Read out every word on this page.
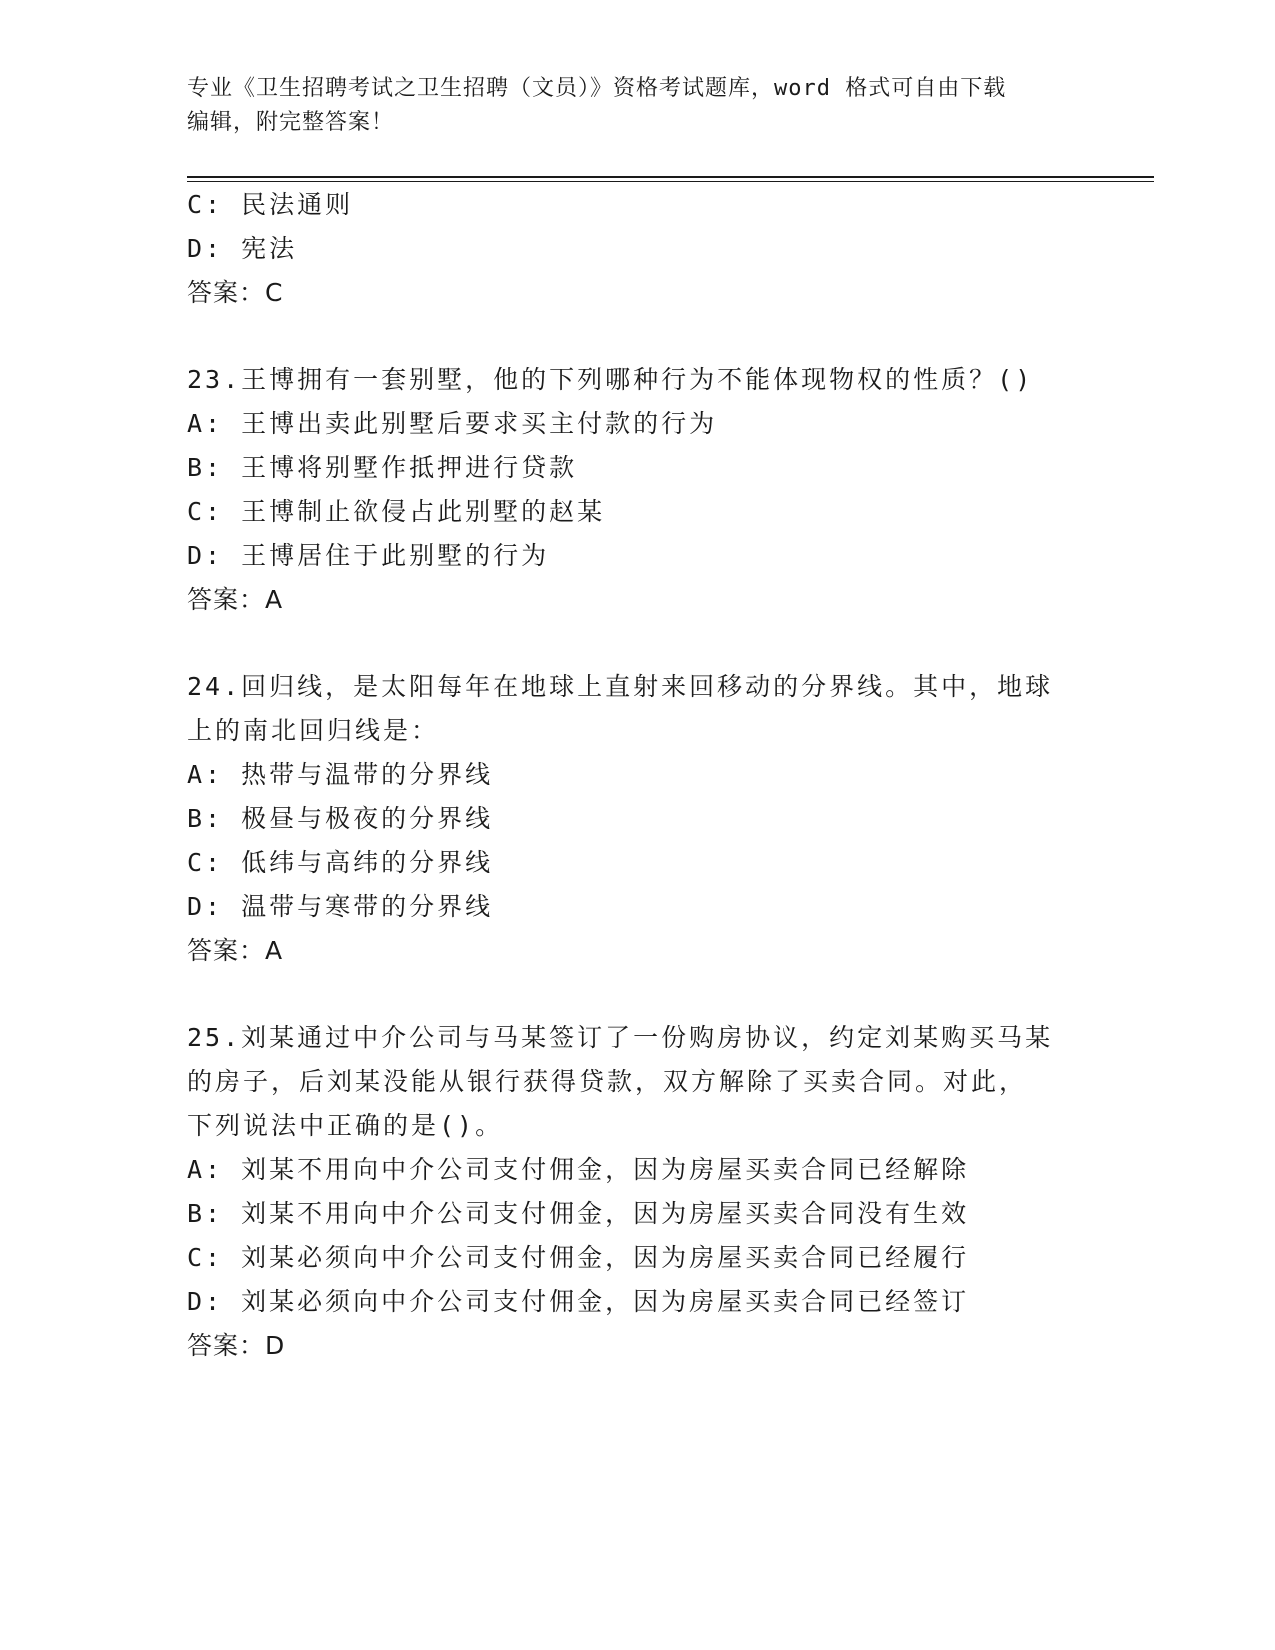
专业《卫生招聘考试之卫生招聘（文员）》资格考试题库，word 格式可自由下载
编辑，附完整答案！
C: 民法通则
D: 宪法
答案：C
23.王博拥有一套别墅，他的下列哪种行为不能体现物权的性质？()
A: 王博出卖此别墅后要求买主付款的行为
B: 王博将别墅作抵押进行贷款
C: 王博制止欲侵占此别墅的赵某
D: 王博居住于此别墅的行为
答案：A
24.回归线，是太阳每年在地球上直射来回移动的分界线。其中，地球
上的南北回归线是：
A: 热带与温带的分界线
B: 极昼与极夜的分界线
C: 低纬与高纬的分界线
D: 温带与寒带的分界线
答案：A
25.刘某通过中介公司与马某签订了一份购房协议，约定刘某购买马某
的房子，后刘某没能从银行获得贷款，双方解除了买卖合同。对此，
下列说法中正确的是()。
A: 刘某不用向中介公司支付佣金，因为房屋买卖合同已经解除
B: 刘某不用向中介公司支付佣金，因为房屋买卖合同没有生效
C: 刘某必须向中介公司支付佣金，因为房屋买卖合同已经履行
D: 刘某必须向中介公司支付佣金，因为房屋买卖合同已经签订
答案：D
